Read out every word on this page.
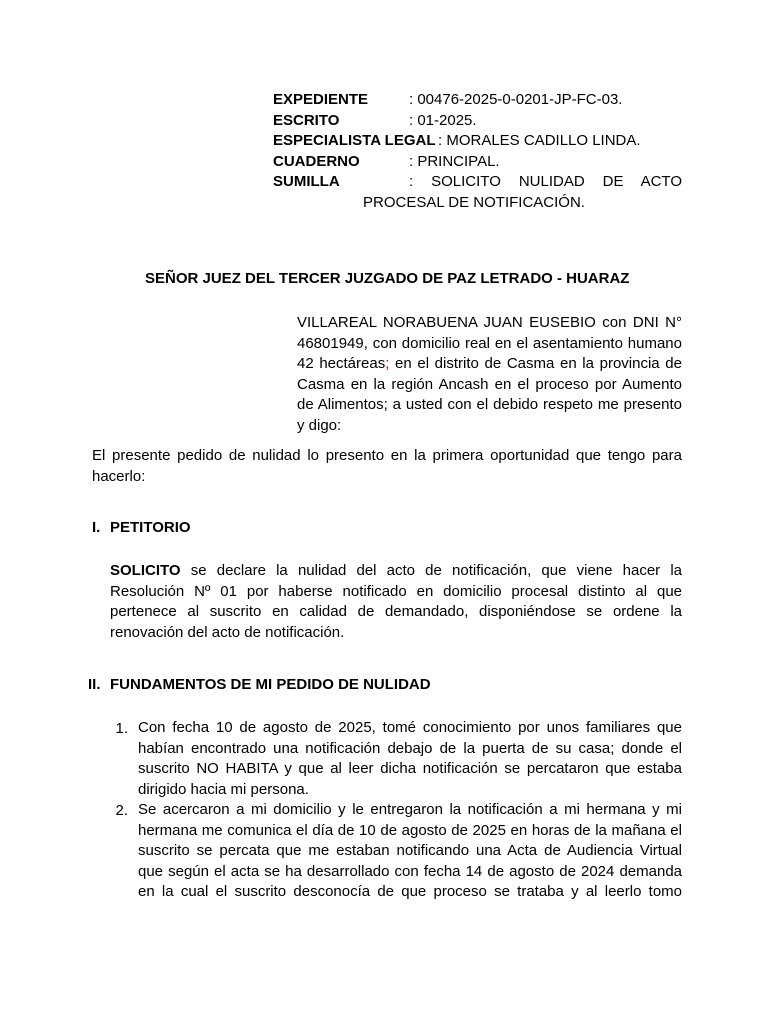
EXPEDIENTE	: 00476-2025-0-0201-JP-FC-03.
ESCRITO	: 01-2025.
ESPECIALISTA LEGAL : MORALES CADILLO LINDA.
CUADERNO	: PRINCIPAL.
SUMILLA	: SOLICITO NULIDAD DE ACTO
PROCESAL DE NOTIFICACIÓN.
SEÑOR JUEZ DEL TERCER JUZGADO DE PAZ LETRADO - HUARAZ
VILLAREAL NORABUENA JUAN EUSEBIO con DNI N°
46801949, con domicilio real en el asentamiento humano
42 hectáreas; en el distrito de Casma en la provincia de
Casma en la región Ancash en el proceso por Aumento
de Alimentos; a usted con el debido respeto me presento
y digo:
El presente pedido de nulidad lo presento en la primera oportunidad que tengo para
hacerlo:
I. PETITORIO
SOLICITO se declare la nulidad del acto de notificación, que viene hacer la
Resolución Nº 01 por haberse notificado en domicilio procesal distinto al que
pertenece al suscrito en calidad de demandado, disponiéndose se ordene la
renovación del acto de notificación.
II. FUNDAMENTOS DE MI PEDIDO DE NULIDAD
1. Con fecha 10 de agosto de 2025, tomé conocimiento por unos familiares que
habían encontrado una notificación debajo de la puerta de su casa; donde el
suscrito NO HABITA y que al leer dicha notificación se percataron que estaba
dirigido hacia mi persona.
2. Se acercaron a mi domicilio y le entregaron la notificación a mi hermana y mi
hermana me comunica el día de 10 de agosto de 2025 en horas de la mañana el
suscrito se percata que me estaban notificando una Acta de Audiencia Virtual
que según el acta se ha desarrollado con fecha 14 de agosto de 2024 demanda
en la cual el suscrito desconocía de que proceso se trataba y al leerlo tomo
